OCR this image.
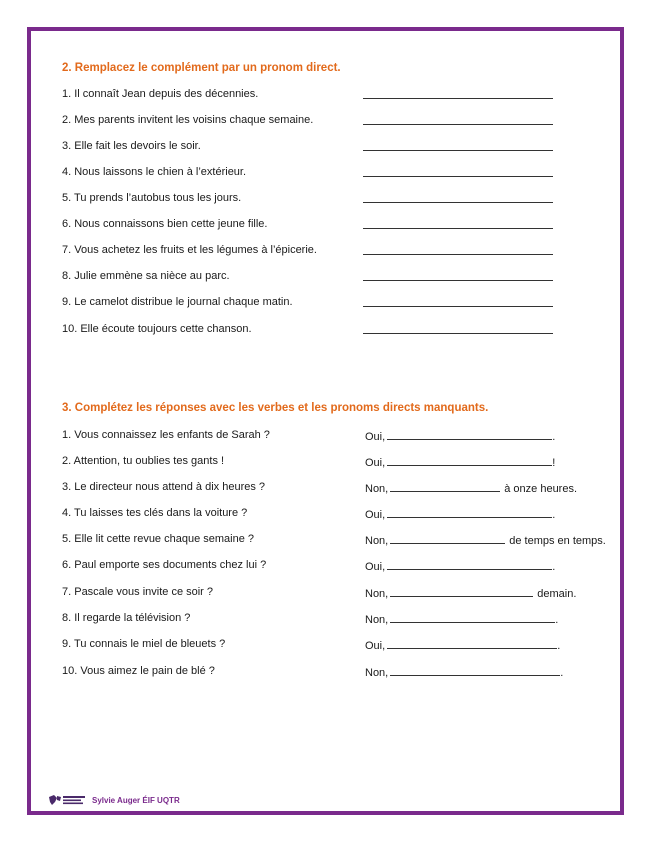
2. Remplacez le complément par un pronom direct.
1. Il connaît Jean depuis des décennies.
2. Mes parents invitent les voisins chaque semaine.
3. Elle fait les devoirs le soir.
4. Nous laissons le chien à l’extérieur.
5. Tu prends l’autobus tous les jours.
6. Nous connaissons bien cette jeune fille.
7. Vous achetez les fruits et les légumes à l’épicerie.
8. Julie emmène sa nièce au parc.
9. Le camelot distribue le journal chaque matin.
10. Elle écoute toujours cette chanson.
3. Complétez les réponses avec les verbes et les pronoms directs manquants.
1. Vous connaissez les enfants de Sarah ?	Oui,	.
2. Attention, tu oublies tes gants !	Oui,	!
3. Le directeur nous attend à dix heures ?	Non,	à onze heures.
4. Tu laisses tes clés dans la voiture ?	Oui,	.
5. Elle lit cette revue chaque semaine ?	Non,	de temps en temps.
6. Paul emporte ses documents chez lui ?	Oui,	.
7. Pascale vous invite ce soir ?	Non,	demain.
8. Il regarde la télévision ?	Non,	.
9. Tu connais le miel de bleuets ?	Oui,	.
10. Vous aimez le pain de blé ?	Non,	.
Sylvie Auger ÉIF UQTR
